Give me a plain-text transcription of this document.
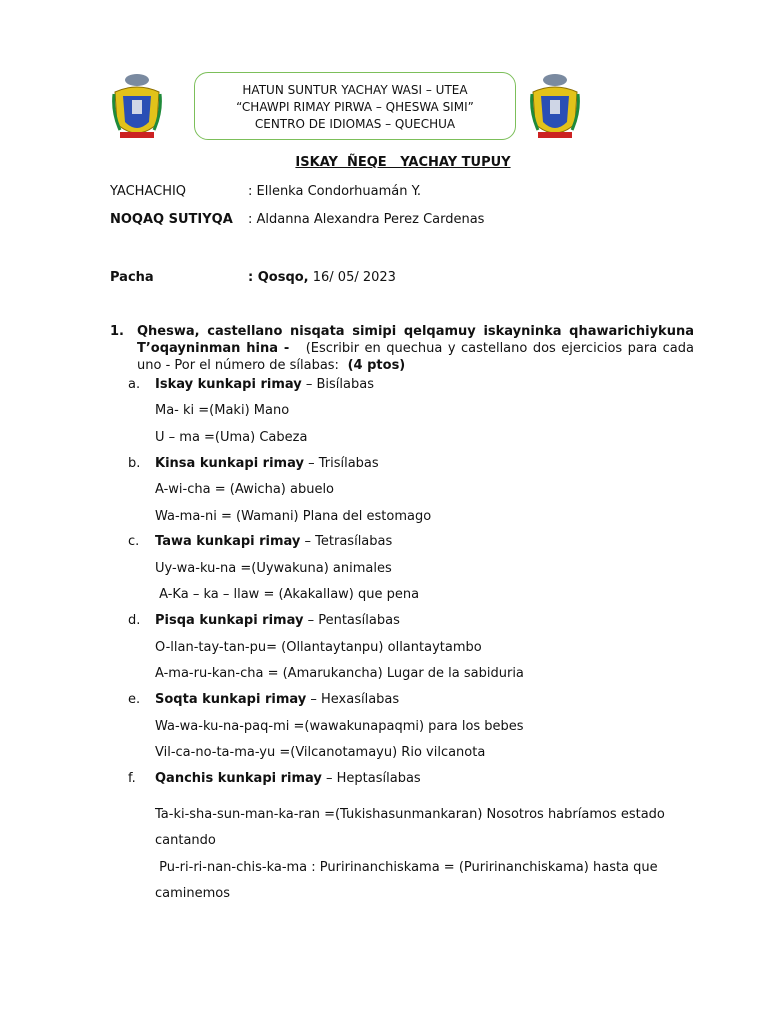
HATUN SUNTUR YACHAY WASI – UTEA
“CHAWPI RIMAY PIRWA – QHESWA SIMI”
CENTRO DE IDIOMAS – QUECHUA
ISKAY  ÑEQE   YACHAY TUPUY
YACHACHIQ	: Ellenka Condorhuamán Y.
NOQAQ SUTIYQA : Aldanna Alexandra Perez Cardenas
Pacha	: Qosqo, 16/ 05/ 2023
1. Qheswa, castellano nisqata simipi qelqamuy iskayninka qhawarichiykuna T’oqayninman hina -   (Escribir en quechua y castellano dos ejercicios para cada uno - Por el número de sílabas:  (4 ptos)
a. Iskay kunkapi rimay – Bisílabas
Ma- ki =(Maki) Mano
U – ma =(Uma) Cabeza
b. Kinsa kunkapi rimay – Trisílabas
A-wi-cha = (Awicha) abuelo
Wa-ma-ni = (Wamani) Plana del estomago
c. Tawa kunkapi rimay – Tetrasílabas
Uy-wa-ku-na =(Uywakuna) animales
A-Ka – ka – llaw = (Akakallaw) que pena
d. Pisqa kunkapi rimay – Pentasílabas
O-llan-tay-tan-pu= (Ollantaytanpu) ollantaytambo
A-ma-ru-kan-cha = (Amarukancha) Lugar de la sabiduria
e. Soqta kunkapi rimay – Hexasílabas
Wa-wa-ku-na-paq-mi =(wawakunapaqmi) para los bebes
Vil-ca-no-ta-ma-yu =(Vilcanotamayu) Rio vilcanota
f. Qanchis kunkapi rimay – Heptasílabas
Ta-ki-sha-sun-man-ka-ran =(Tukishasunmankaran) Nosotros habríamos estado
cantando
Pu-ri-ri-nan-chis-ka-ma : Puririnanchiskama = (Puririnanchiskama) hasta que
caminemos
